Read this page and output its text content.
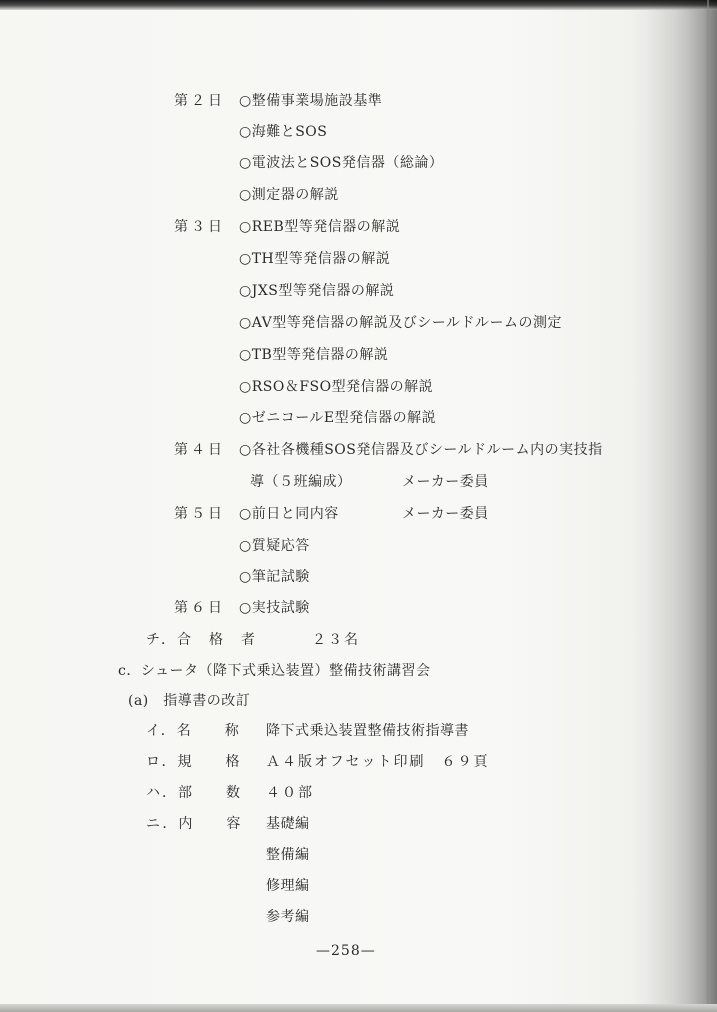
第２日 ○整備事業場施設基準
○海難とSOS
○電波法とSOS発信器（総論）
○測定器の解説
第３日 ○REB型等発信器の解説
○TH型等発信器の解説
○JXS型等発信器の解説
○AV型等発信器の解説及びシールドルームの測定
○TB型等発信器の解説
○RSO＆FSO型発信器の解説
○ゼニコールE型発信器の解説
第４日 ○各社各機種SOS発信器及びシールドルーム内の実技指
導（５班編成）	メーカー委員
第５日 ○前日と同内容	メーカー委員
○質疑応答
○筆記試験
第６日 ○実技試験
チ．合　格　者	２３名
c．シュータ（降下式乗込装置）整備技術講習会
(a)　指導書の改訂
イ．名　　称 降下式乗込装置整備技術指導書
ロ．規　　格 Ａ４版オフセット印刷　６９頁
ハ．部　　数 ４０部
ニ．内　　容 基礎編
整備編
修理編
参考編
—258—
